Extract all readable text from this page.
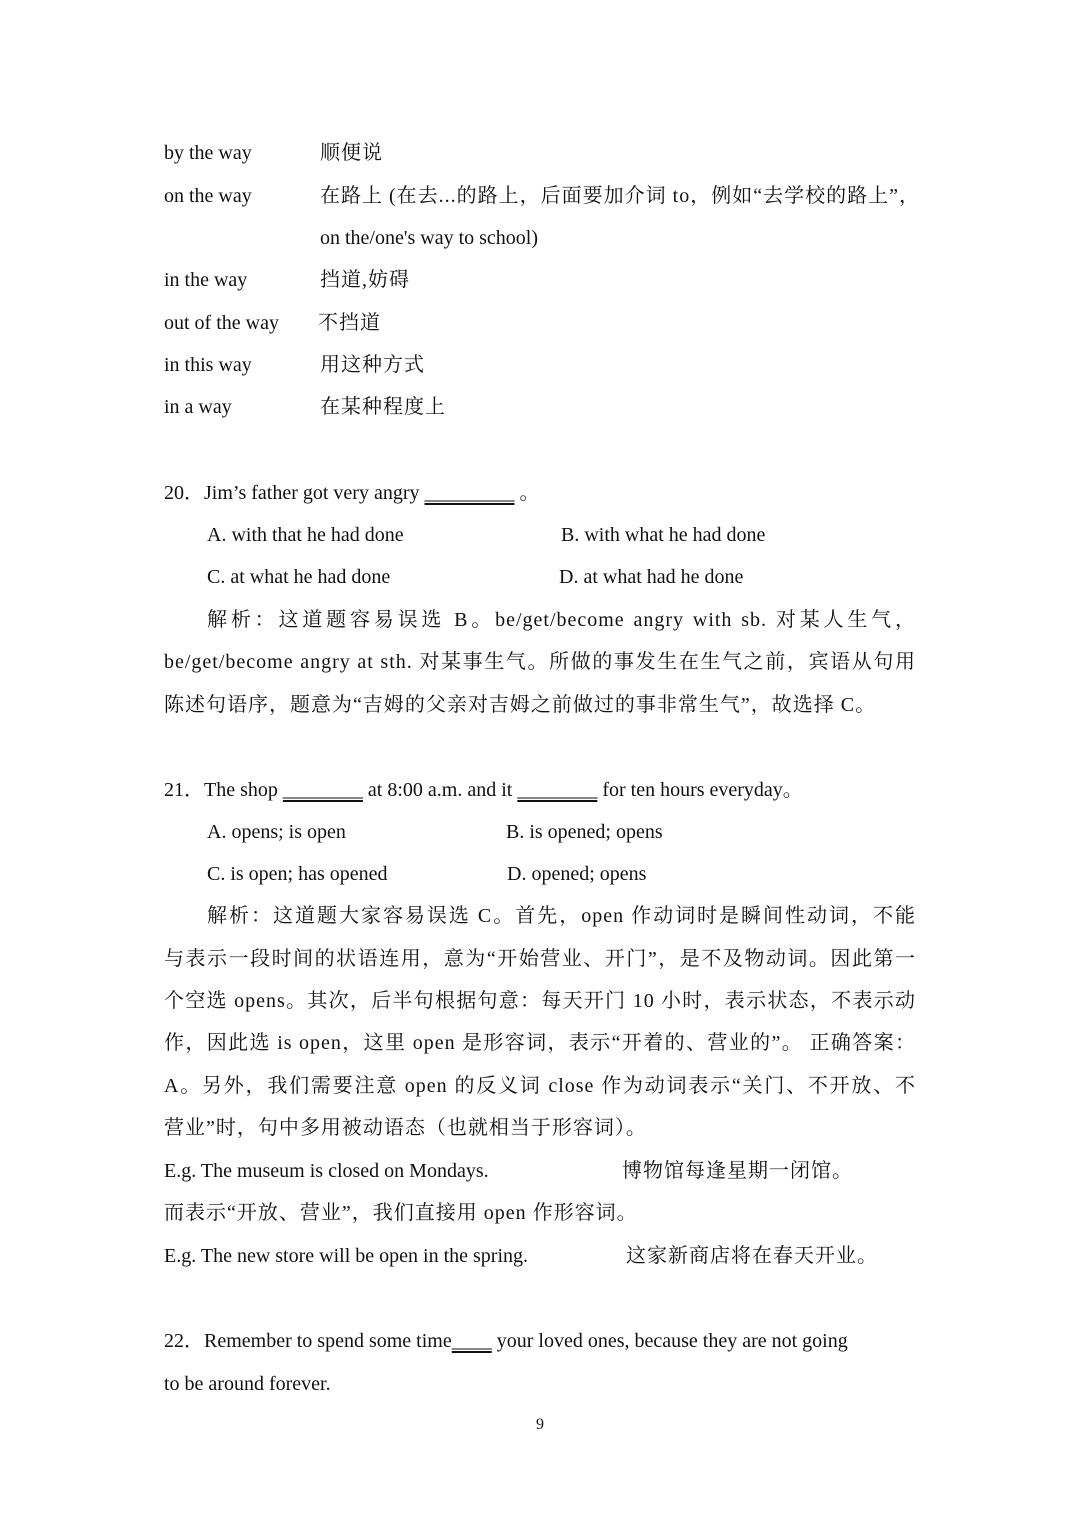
by the way	顺便说
on the way	在路上 (在去...的路上，后面要加介词 to，例如“去学校的路上”，
on the/one's way to school)
in the way	挡道,妨碍
out of the way 不挡道
in this way	用这种方式
in a way	在某种程度上
20．Jim’s father got very angry _________ 。
A. with that he had done	B. with what he had done
C. at what he had done	D. at what had he done
解析：这道题容易误选 B。be/get/become angry with sb. 对某人生气，
be/get/become angry at sth. 对某事生气。所做的事发生在生气之前，宾语从句用
陈述句语序，题意为“吉姆的父亲对吉姆之前做过的事非常生气”，故选择 C。
21．The shop ________ at 8:00 a.m. and it ________ for ten hours everyday。
A. opens; is open	B. is opened; opens
C. is open; has opened	D. opened; opens
解析：这道题大家容易误选 C。首先，open 作动词时是瞬间性动词，不能
与表示一段时间的状语连用，意为“开始营业、开门”，是不及物动词。因此第一
个空选 opens。其次，后半句根据句意：每天开门 10 小时，表示状态，不表示动
作，因此选 is open，这里 open 是形容词，表示“开着的、营业的”。 正确答案：
A。另外，我们需要注意 open 的反义词 close 作为动词表示“关门、不开放、不
营业”时，句中多用被动语态（也就相当于形容词）。
E.g. The museum is closed on Mondays.	博物馆每逢星期一闭馆。
而表示“开放、营业”，我们直接用 open 作形容词。
E.g. The new store will be open in the spring.	这家新商店将在春天开业。
22．Remember to spend some time____ your loved ones, because they are not going
to be around forever.
9
